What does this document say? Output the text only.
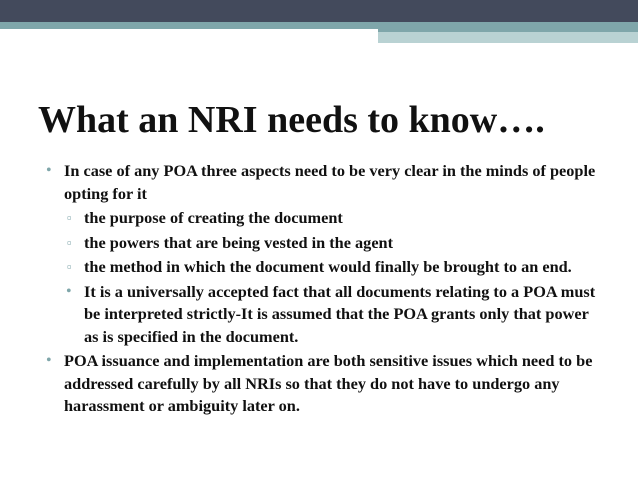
What an NRI needs to know….
• In case of any POA three aspects need to be very clear in the minds of people opting for it
▫ the purpose of creating the document
▫ the powers that are being vested in the agent
▫ the method in which the document would finally be brought to an end.
• It is a universally accepted fact that all documents relating to a POA must be interpreted strictly-It is assumed that the POA grants only that power as is specified in the document.
• POA issuance and implementation are both sensitive issues which need to be addressed carefully by all NRIs so that they do not have to undergo any harassment or ambiguity later on.
